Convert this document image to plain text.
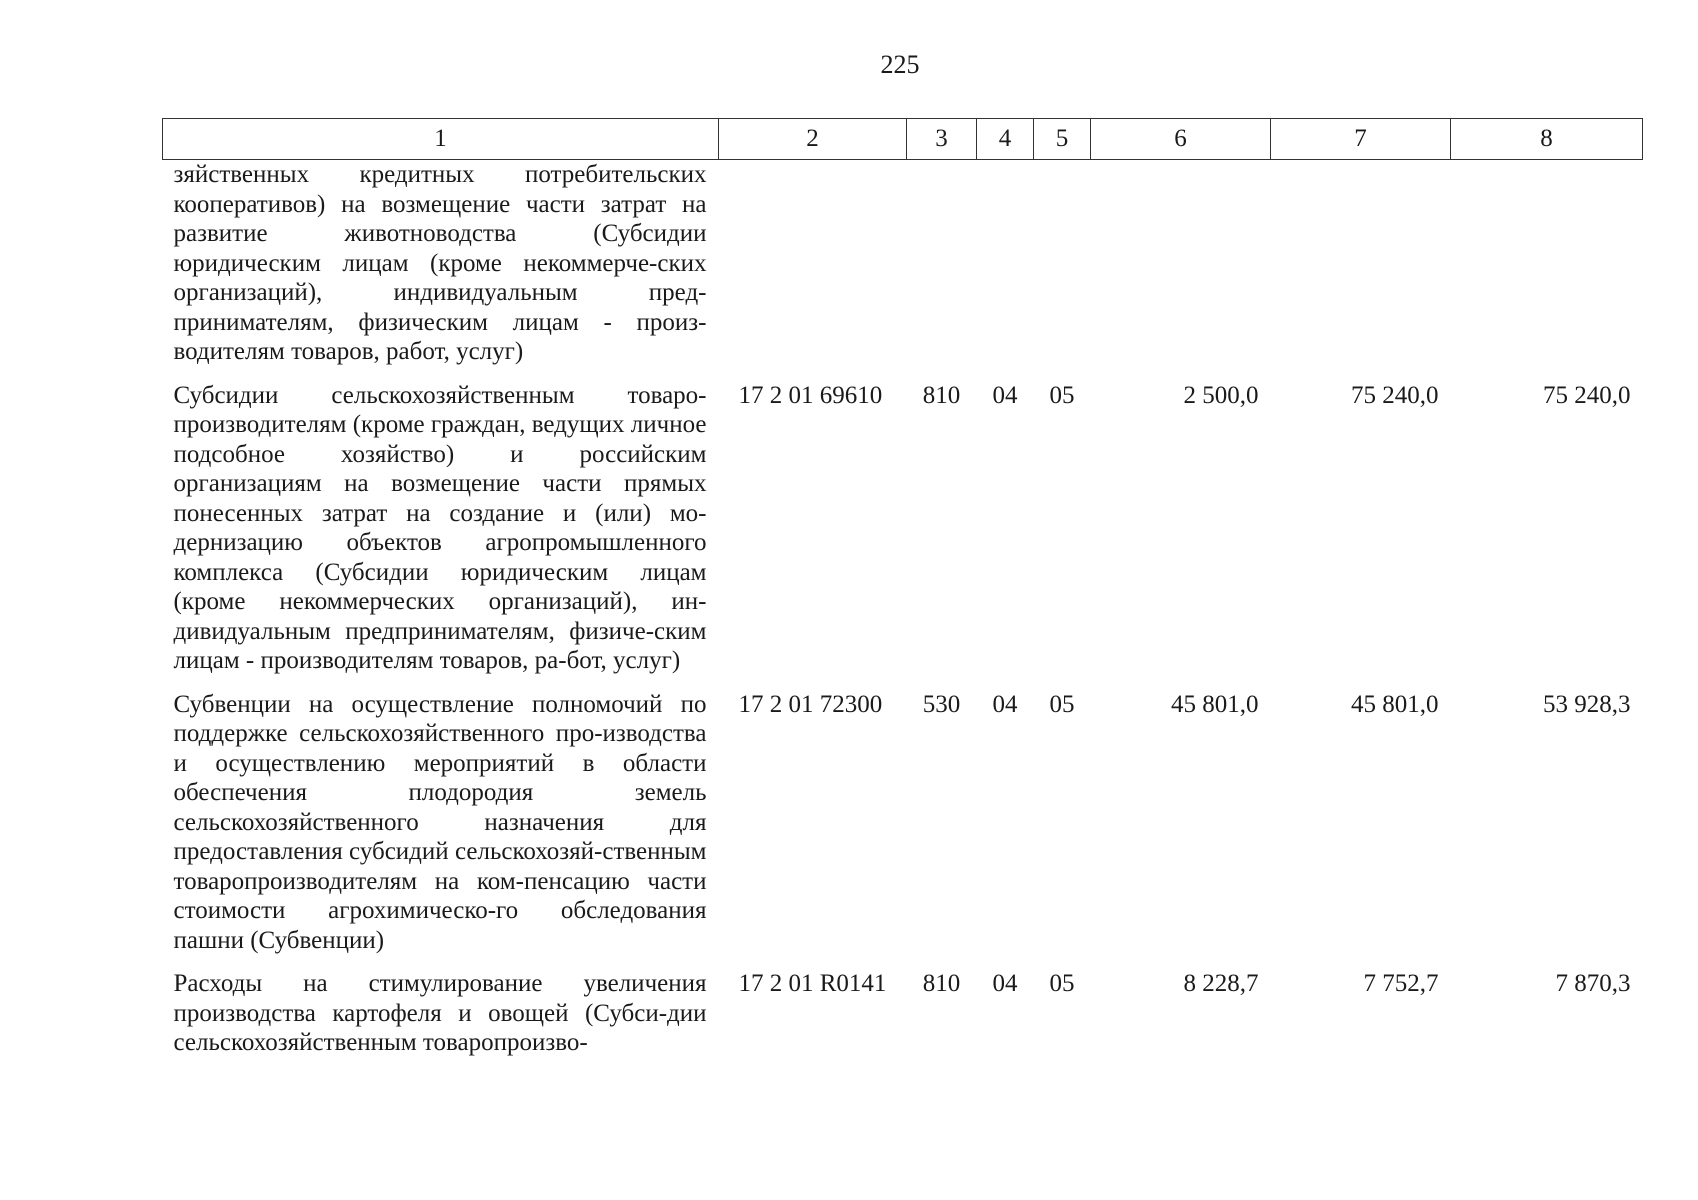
225
1	2	3	4	5	6	7	8
зяйственных кредитных потребительских кооперативов) на возмещение части затрат на развитие животноводства (Субсидии юридическим лицам (кроме некоммерче-ских организаций), индивидуальным пред-принимателям, физическим лицам - произ-водителям товаров, работ, услуг)							
Субсидии сельскохозяйственным товаро-производителям (кроме граждан, ведущих личное подсобное хозяйство) и российским организациям на возмещение части прямых понесенных затрат на создание и (или) мо-дернизацию объектов агропромышленного комплекса (Субсидии юридическим лицам (кроме некоммерческих организаций), ин-дивидуальным предпринимателям, физиче-ским лицам - производителям товаров, ра-бот, услуг)	17 2 01 69610	810	04	05	2 500,0	75 240,0	75 240,0
Субвенции на осуществление полномочий по поддержке сельскохозяйственного про-изводства и осуществлению мероприятий в области обеспечения плодородия земель сельскохозяйственного назначения для предоставления субсидий сельскохозяй-ственным товаропроизводителям на ком-пенсацию части стоимости агрохимическо-го обследования пашни (Субвенции)	17 2 01 72300	530	04	05	45 801,0	45 801,0	53 928,3
Расходы на стимулирование увеличения производства картофеля и овощей (Субси-дии сельскохозяйственным товаропроизво-	17 2 01 R0141	810	04	05	8 228,7	7 752,7	7 870,3
